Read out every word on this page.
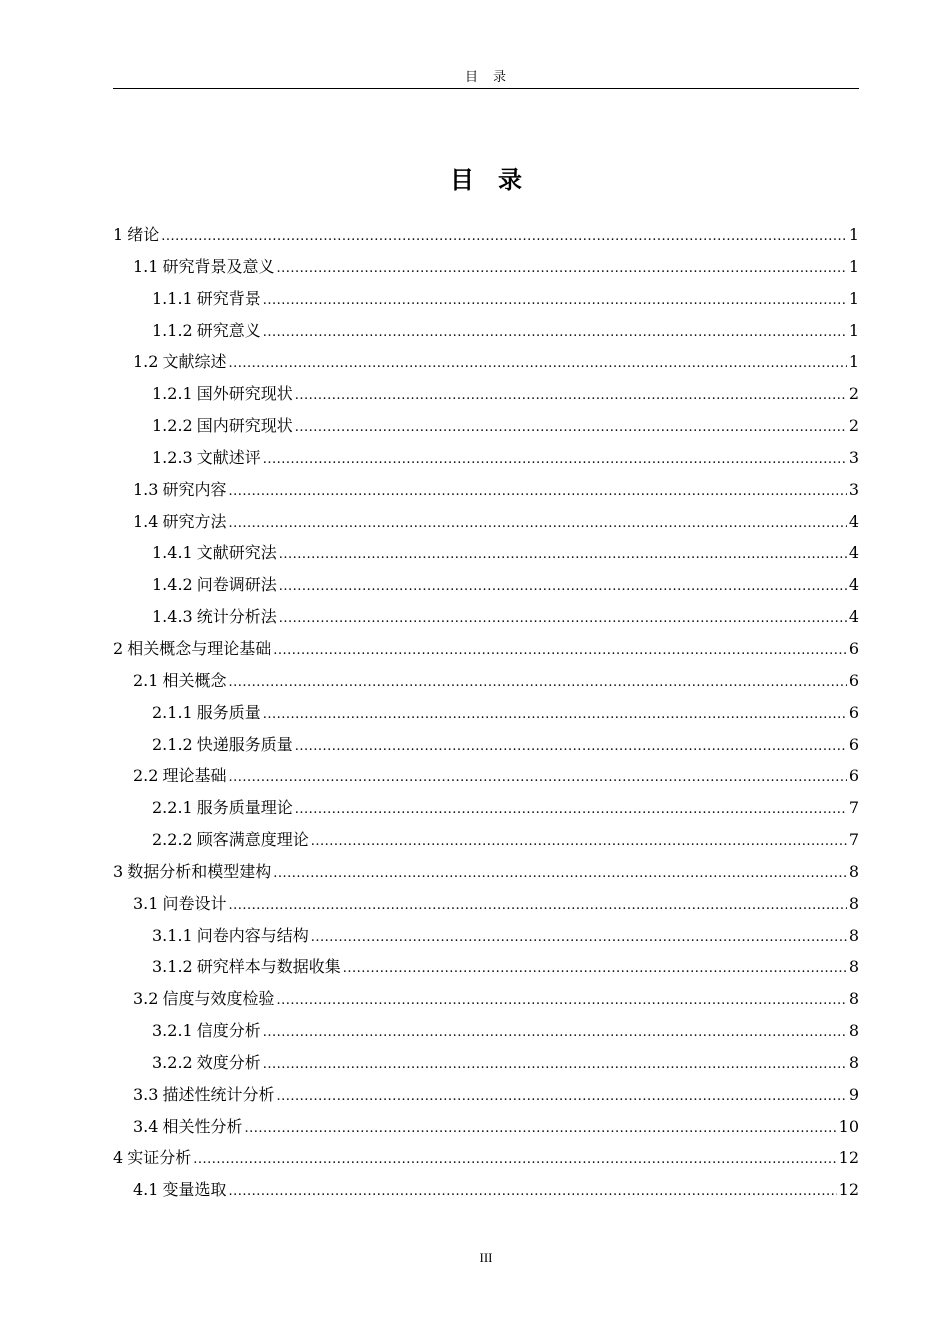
目　录
目　录
1 绪论 .....	1
1.1 研究背景及意义 .....	1
1.1.1 研究背景 .....	1
1.1.2 研究意义 .....	1
1.2 文献综述 .....	1
1.2.1 国外研究现状 .....	2
1.2.2 国内研究现状 .....	2
1.2.3 文献述评 .....	3
1.3 研究内容 .....	3
1.4 研究方法 .....	4
1.4.1 文献研究法 .....	4
1.4.2 问卷调研法 .....	4
1.4.3 统计分析法 .....	4
2 相关概念与理论基础 .....	6
2.1 相关概念 .....	6
2.1.1 服务质量 .....	6
2.1.2 快递服务质量 .....	6
2.2 理论基础 .....	6
2.2.1 服务质量理论 .....	7
2.2.2 顾客满意度理论 .....	7
3 数据分析和模型建构 .....	8
3.1 问卷设计 .....	8
3.1.1 问卷内容与结构 .....	8
3.1.2 研究样本与数据收集 .....	8
3.2 信度与效度检验 .....	8
3.2.1 信度分析 .....	8
3.2.2 效度分析 .....	8
3.3 描述性统计分析 .....	9
3.4 相关性分析 .....	10
4 实证分析 .....	12
4.1 变量选取 .....	12
III
